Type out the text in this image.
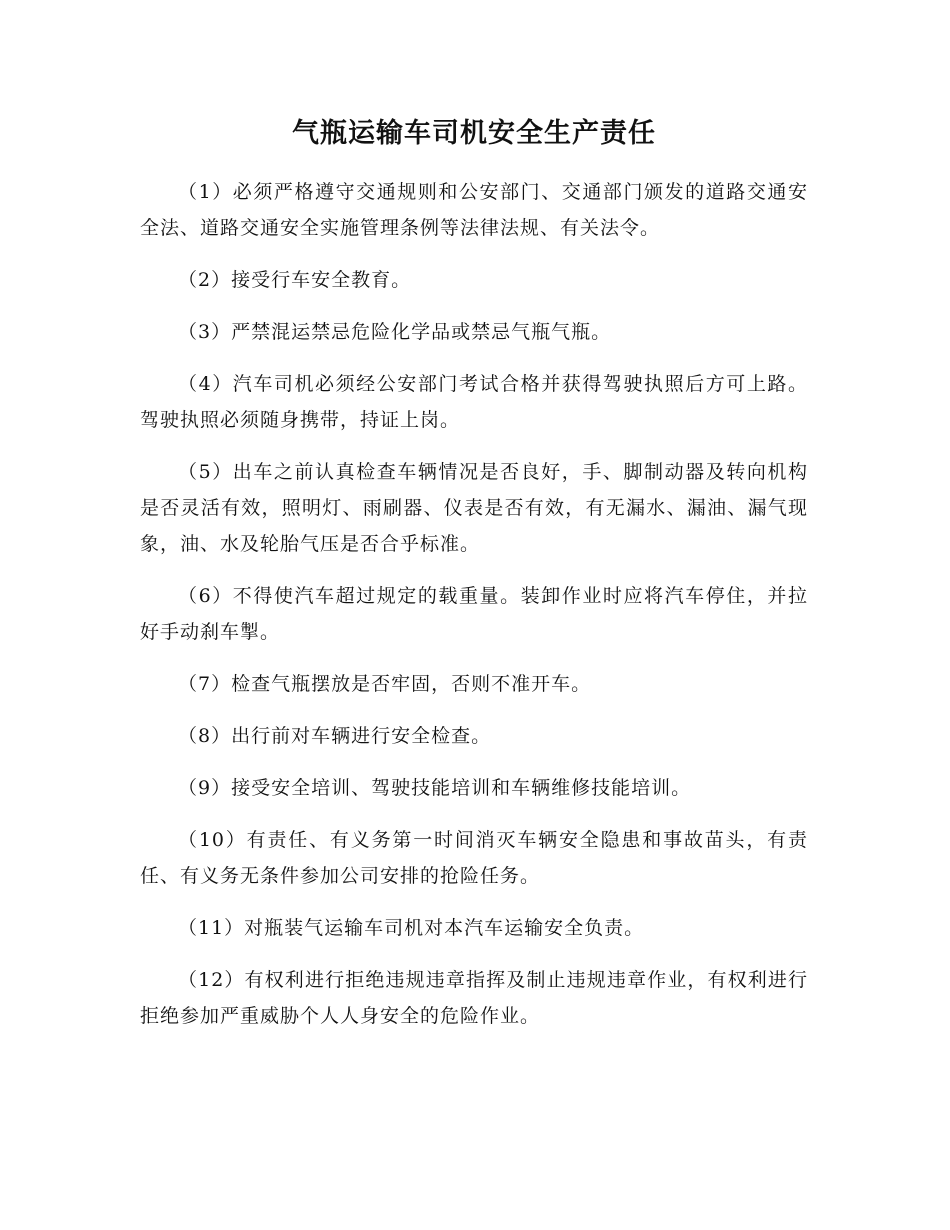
气瓶运输车司机安全生产责任

（1）必须严格遵守交通规则和公安部门、交通部门颁发的道路交通安全法、道路交通安全实施管理条例等法律法规、有关法令。

（2）接受行车安全教育。

（3）严禁混运禁忌危险化学品或禁忌气瓶气瓶。

（4）汽车司机必须经公安部门考试合格并获得驾驶执照后方可上路。驾驶执照必须随身携带，持证上岗。

（5）出车之前认真检查车辆情况是否良好，手、脚制动器及转向机构是否灵活有效，照明灯、雨刷器、仪表是否有效，有无漏水、漏油、漏气现象，油、水及轮胎气压是否合乎标准。

（6）不得使汽车超过规定的载重量。装卸作业时应将汽车停住，并拉好手动刹车掣。

（7）检查气瓶摆放是否牢固，否则不准开车。

（8）出行前对车辆进行安全检查。

（9）接受安全培训、驾驶技能培训和车辆维修技能培训。

（10）有责任、有义务第一时间消灭车辆安全隐患和事故苗头，有责任、有义务无条件参加公司安排的抢险任务。

（11）对瓶装气运输车司机对本汽车运输安全负责。

（12）有权利进行拒绝违规违章指挥及制止违规违章作业，有权利进行拒绝参加严重威胁个人人身安全的危险作业。
